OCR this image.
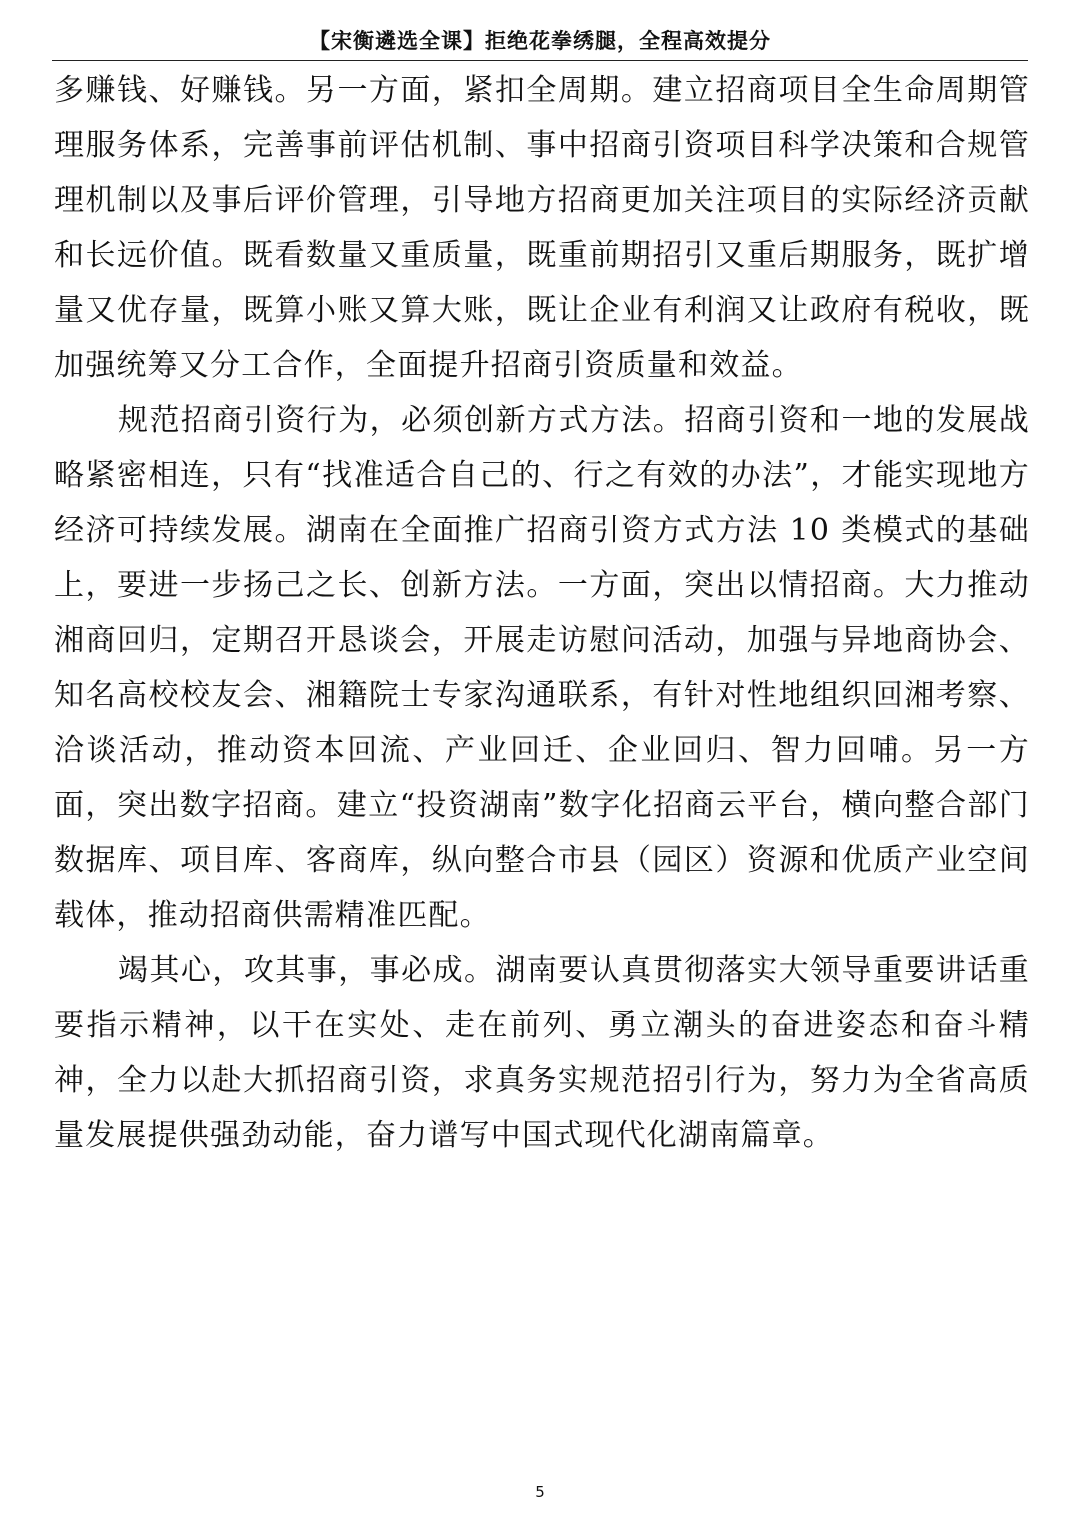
【宋衡遴选全课】拒绝花拳绣腿，全程高效提分

多赚钱、好赚钱。另一方面，紧扣全周期。建立招商项目全生命周期管理服务体系，完善事前评估机制、事中招商引资项目科学决策和合规管理机制以及事后评价管理，引导地方招商更加关注项目的实际经济贡献和长远价值。既看数量又重质量，既重前期招引又重后期服务，既扩增量又优存量，既算小账又算大账，既让企业有利润又让政府有税收，既加强统筹又分工合作，全面提升招商引资质量和效益。

规范招商引资行为，必须创新方式方法。招商引资和一地的发展战略紧密相连，只有“找准适合自己的、行之有效的办法”，才能实现地方经济可持续发展。湖南在全面推广招商引资方式方法 10 类模式的基础上，要进一步扬己之长、创新方法。一方面，突出以情招商。大力推动湘商回归，定期召开恳谈会，开展走访慰问活动，加强与异地商协会、知名高校校友会、湘籍院士专家沟通联系，有针对性地组织回湘考察、洽谈活动，推动资本回流、产业回迁、企业回归、智力回哺。另一方面，突出数字招商。建立“投资湖南”数字化招商云平台，横向整合部门数据库、项目库、客商库，纵向整合市县（园区）资源和优质产业空间载体，推动招商供需精准匹配。

竭其心，攻其事，事必成。湖南要认真贯彻落实大领导重要讲话重要指示精神，以干在实处、走在前列、勇立潮头的奋进姿态和奋斗精神，全力以赴大抓招商引资，求真务实规范招引行为，努力为全省高质量发展提供强劲动能，奋力谱写中国式现代化湖南篇章。

5
